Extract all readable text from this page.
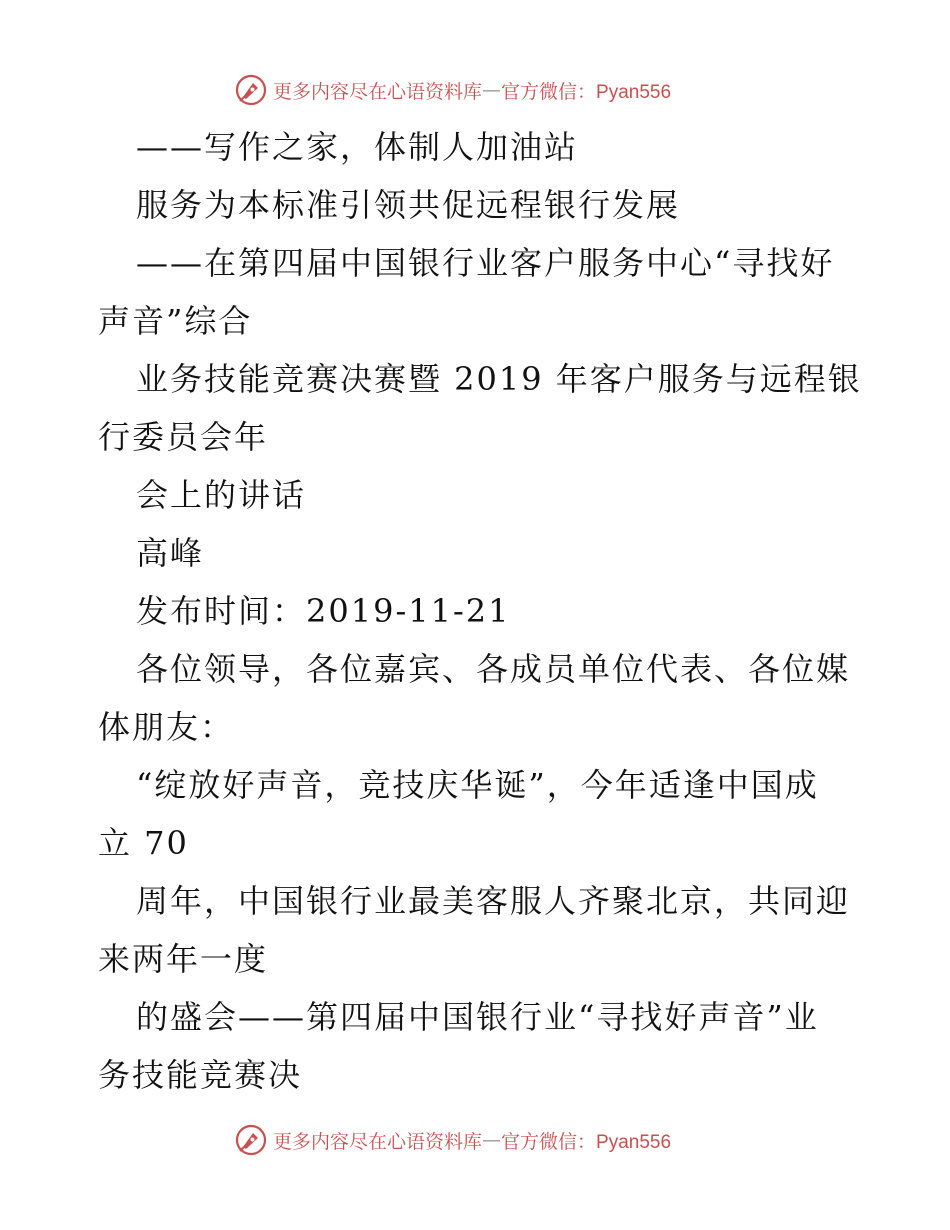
更多内容尽在心语资料库 — 官方微信：Pyan556
——写作之家，体制人加油站
服务为本标准引领共促远程银行发展
——在第四届中国银行业客户服务中心“寻找好
声音”综合
业务技能竞赛决赛暨 2019 年客户服务与远程银
行委员会年
会上的讲话
高峰
发布时间：2019-11-21
各位领导，各位嘉宾、各成员单位代表、各位媒
体朋友：
“绽放好声音，竞技庆华诞”，今年适逢中国成
立 70
周年，中国银行业最美客服人齐聚北京，共同迎
来两年一度
的盛会——第四届中国银行业“寻找好声音”业
务技能竞赛决
更多内容尽在心语资料库 — 官方微信：Pyan556
